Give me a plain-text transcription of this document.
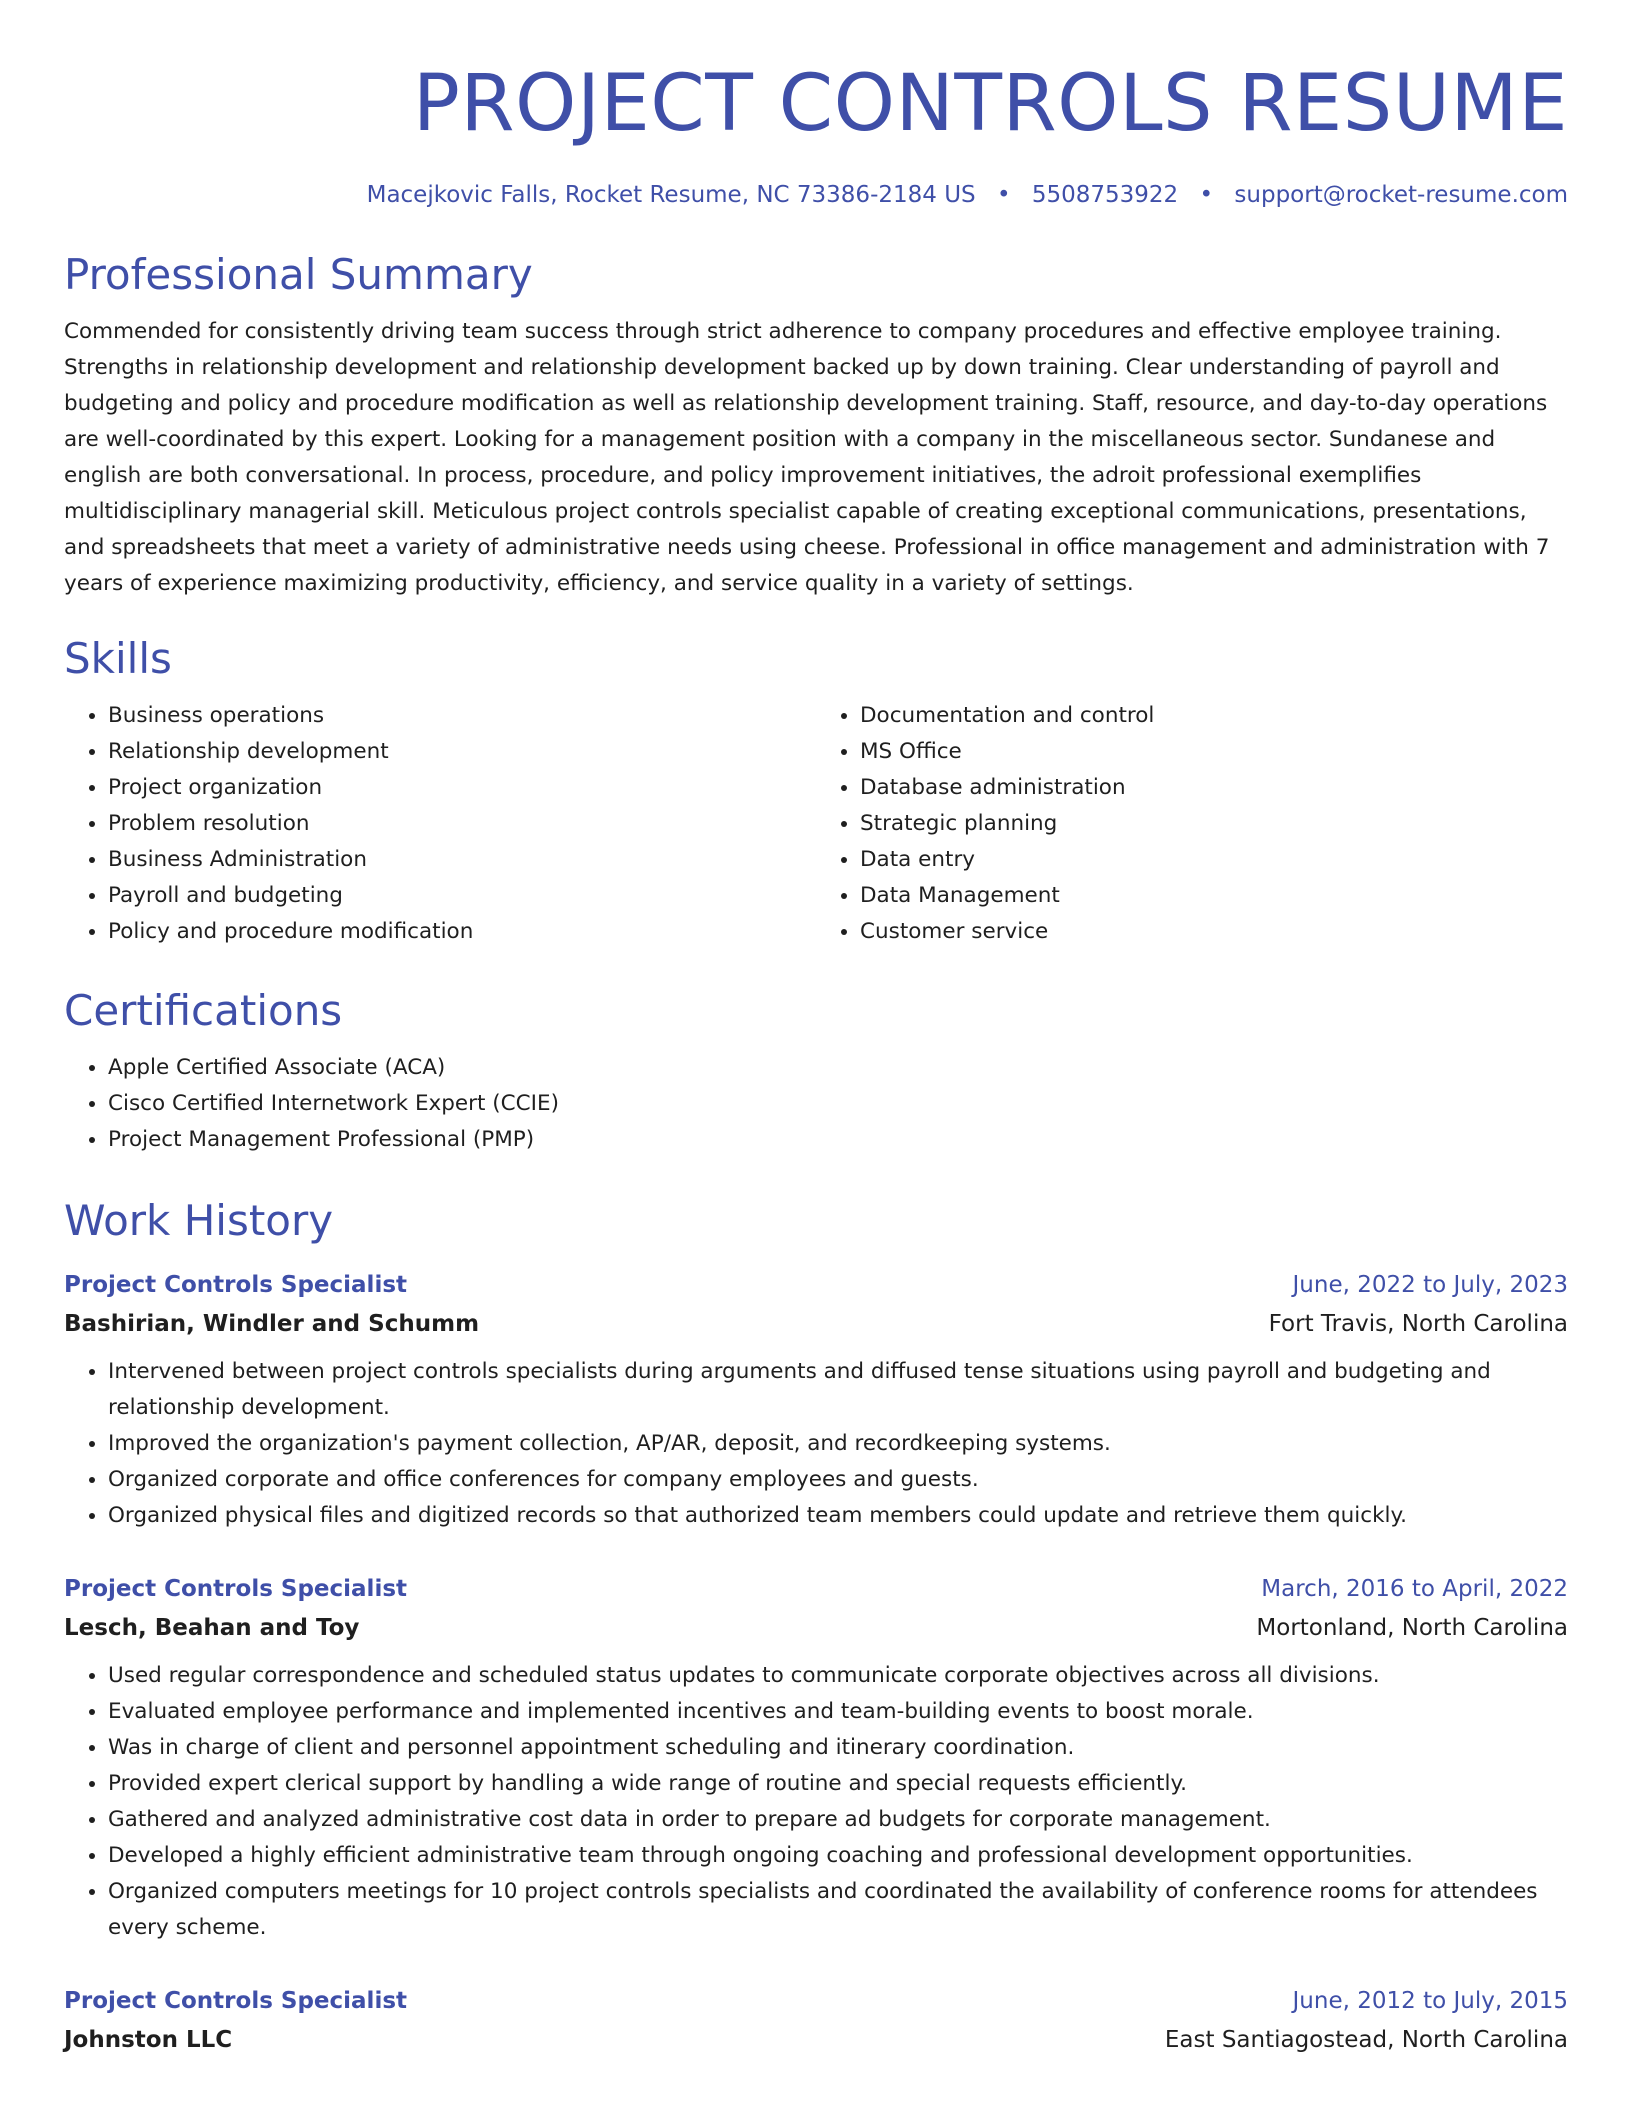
PROJECT CONTROLS RESUME
Macejkovic Falls, Rocket Resume, NC 73386-2184 US • 5508753922 • support@rocket-resume.com
Professional Summary
Commended for consistently driving team success through strict adherence to company procedures and effective employee training. Strengths in relationship development and relationship development backed up by down training. Clear understanding of payroll and budgeting and policy and procedure modification as well as relationship development training. Staff, resource, and day-to-day operations are well-coordinated by this expert. Looking for a management position with a company in the miscellaneous sector. Sundanese and english are both conversational. In process, procedure, and policy improvement initiatives, the adroit professional exemplifies multidisciplinary managerial skill. Meticulous project controls specialist capable of creating exceptional communications, presentations, and spreadsheets that meet a variety of administrative needs using cheese. Professional in office management and administration with 7 years of experience maximizing productivity, efficiency, and service quality in a variety of settings.
Skills
• Business operations
• Relationship development
• Project organization
• Problem resolution
• Business Administration
• Payroll and budgeting
• Policy and procedure modification
• Documentation and control
• MS Office
• Database administration
• Strategic planning
• Data entry
• Data Management
• Customer service
Certifications
• Apple Certified Associate (ACA)
• Cisco Certified Internetwork Expert (CCIE)
• Project Management Professional (PMP)
Work History
Project Controls Specialist	June, 2022 to July, 2023
Bashirian, Windler and Schumm	Fort Travis, North Carolina
• Intervened between project controls specialists during arguments and diffused tense situations using payroll and budgeting and relationship development.
• Improved the organization's payment collection, AP/AR, deposit, and recordkeeping systems.
• Organized corporate and office conferences for company employees and guests.
• Organized physical files and digitized records so that authorized team members could update and retrieve them quickly.
Project Controls Specialist	March, 2016 to April, 2022
Lesch, Beahan and Toy	Mortonland, North Carolina
• Used regular correspondence and scheduled status updates to communicate corporate objectives across all divisions.
• Evaluated employee performance and implemented incentives and team-building events to boost morale.
• Was in charge of client and personnel appointment scheduling and itinerary coordination.
• Provided expert clerical support by handling a wide range of routine and special requests efficiently.
• Gathered and analyzed administrative cost data in order to prepare ad budgets for corporate management.
• Developed a highly efficient administrative team through ongoing coaching and professional development opportunities.
• Organized computers meetings for 10 project controls specialists and coordinated the availability of conference rooms for attendees every scheme.
Project Controls Specialist	June, 2012 to July, 2015
Johnston LLC	East Santiagostead, North Carolina
